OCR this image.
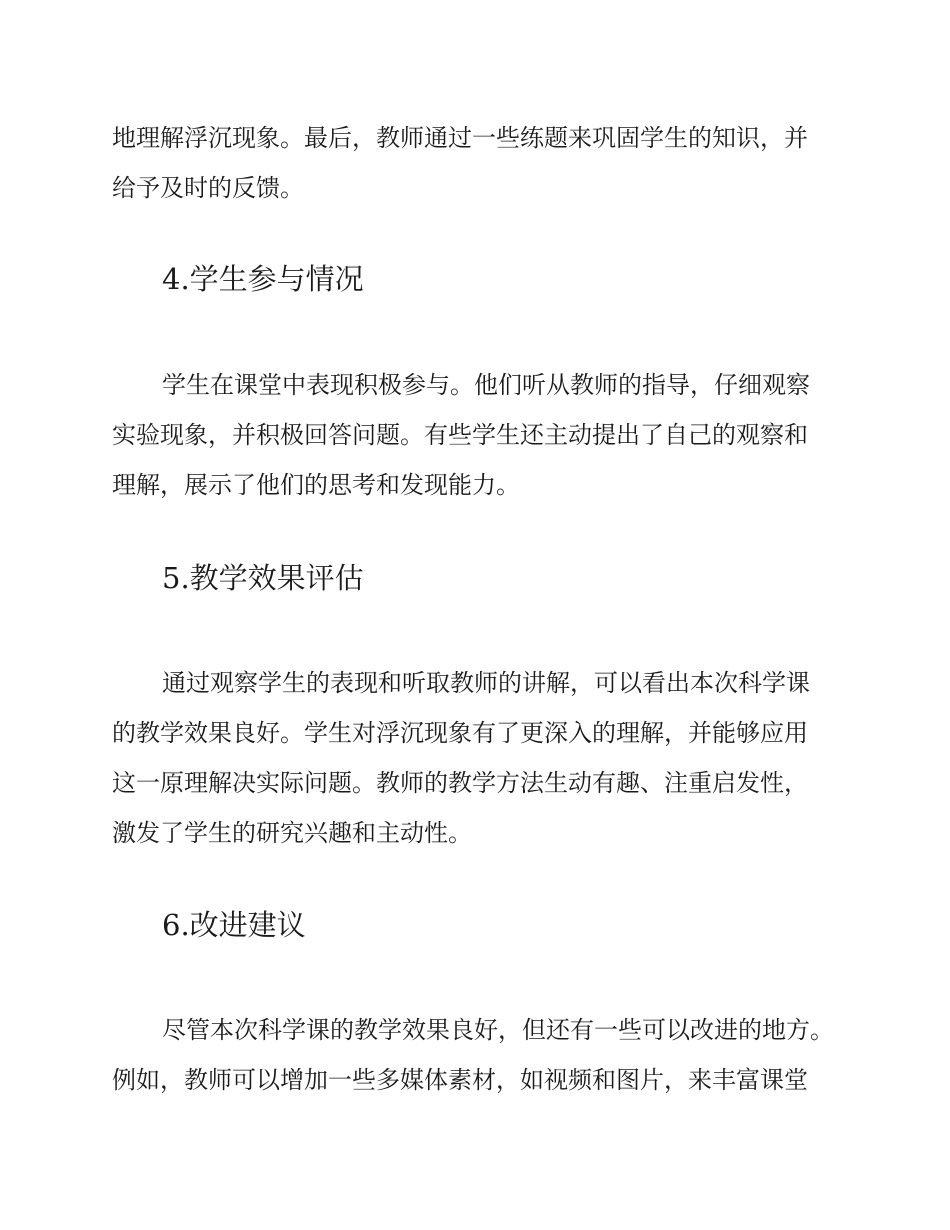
地理解浮沉现象。最后，教师通过一些练题来巩固学生的知识，并
给予及时的反馈。
4.学生参与情况
学生在课堂中表现积极参与。他们听从教师的指导，仔细观察
实验现象，并积极回答问题。有些学生还主动提出了自己的观察和
理解，展示了他们的思考和发现能力。
5.教学效果评估
通过观察学生的表现和听取教师的讲解，可以看出本次科学课
的教学效果良好。学生对浮沉现象有了更深入的理解，并能够应用
这一原理解决实际问题。教师的教学方法生动有趣、注重启发性，
激发了学生的研究兴趣和主动性。
6.改进建议
尽管本次科学课的教学效果良好，但还有一些可以改进的地方。
例如，教师可以增加一些多媒体素材，如视频和图片，来丰富课堂
